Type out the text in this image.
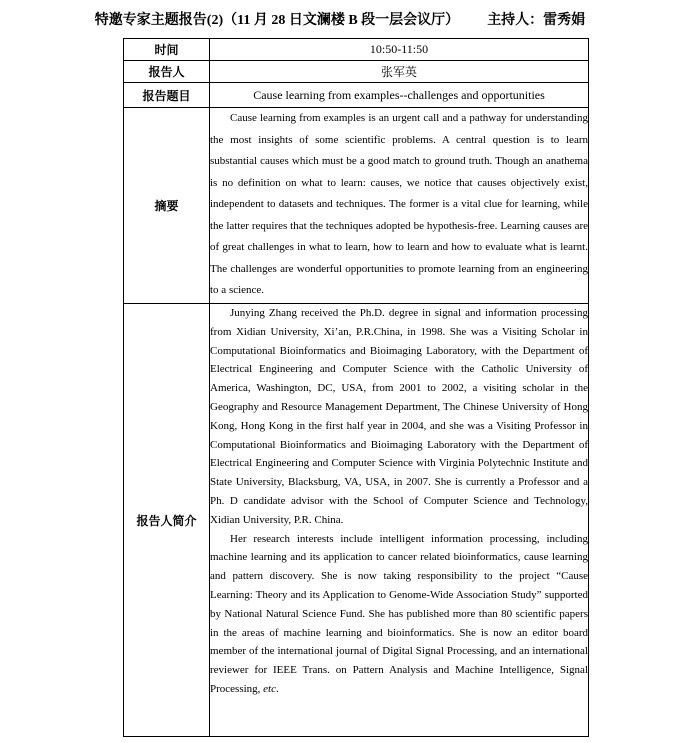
特邀专家主题报告(2)（11 月 28 日文澜楼 B 段一层会议厅） 主持人：雷秀娟
时间	10:50-11:50
报告人	张军英
报告题目	Cause learning from examples--challenges and opportunities
摘要	Cause learning from examples is an urgent call and a pathway for understanding the most insights of some scientific problems. A central question is to learn substantial causes which must be a good match to ground truth. Though an anathema is no definition on what to learn: causes, we notice that causes objectively exist, independent to datasets and techniques. The former is a vital clue for learning, while the latter requires that the techniques adopted be hypothesis-free. Learning causes are of great challenges in what to learn, how to learn and how to evaluate what is learnt. The challenges are wonderful opportunities to promote learning from an engineering to a science.

报告人简介	Junying Zhang received the Ph.D. degree in signal and information processing from Xidian University, Xi’an, P.R.China, in 1998. She was a Visiting Scholar in Computational Bioinformatics and Bioimaging Laboratory, with the Department of Electrical Engineering and Computer Science with the Catholic University of America, Washington, DC, USA, from 2001 to 2002, a visiting scholar in the Geography and Resource Management Department, The Chinese University of Hong Kong, Hong Kong in the first half year in 2004, and she was a Visiting Professor in Computational Bioinformatics and Bioimaging Laboratory with the Department of Electrical Engineering and Computer Science with Virginia Polytechnic Institute and State University, Blacksburg, VA, USA, in 2007. She is currently a Professor and a Ph. D candidate advisor with the School of Computer Science and Technology, Xidian University, P.R. China.

Her research interests include intelligent information processing, including machine learning and its application to cancer related bioinformatics, cause learning and pattern discovery. She is now taking responsibility to the project “Cause Learning: Theory and its Application to Genome-Wide Association Study” supported by National Natural Science Fund. She has published more than 80 scientific papers in the areas of machine learning and bioinformatics. She is now an editor board member of the international journal of Digital Signal Processing, and an international reviewer for IEEE Trans. on Pattern Analysis and Machine Intelligence, Signal Processing, etc.
